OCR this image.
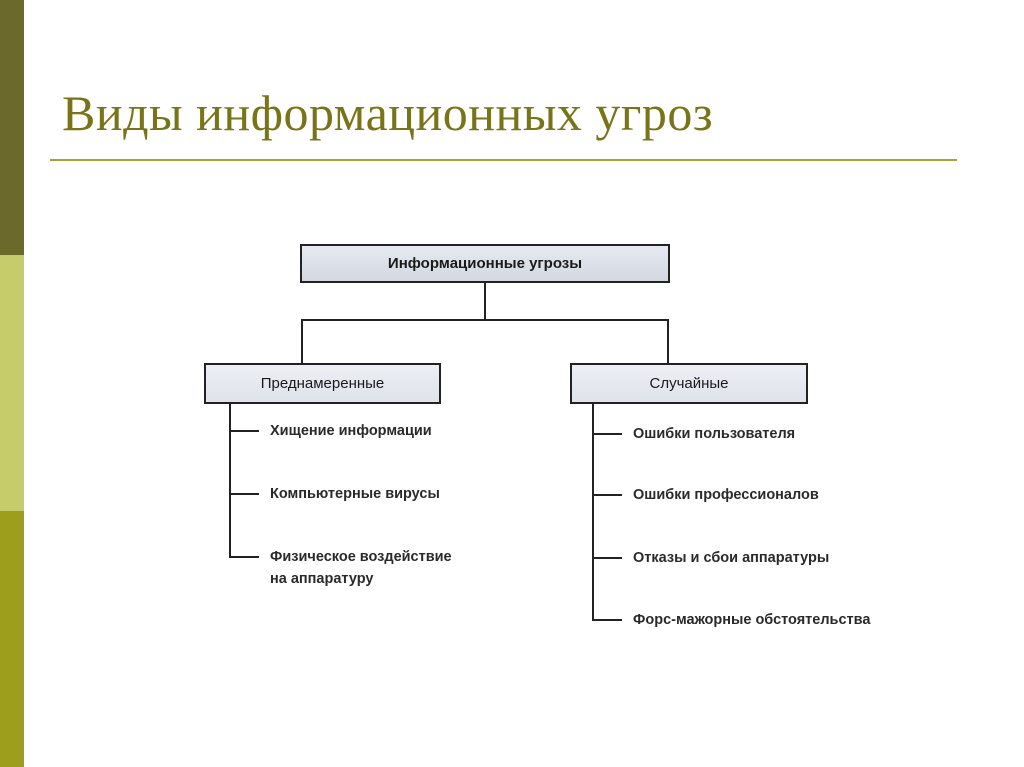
Виды информационных угроз
Информационные угрозы
Преднамеренные	Случайные
Хищение информации
Компьютерные вирусы
Физическое воздействие
на аппаратуру
Ошибки пользователя
Ошибки профессионалов
Отказы и сбои аппаратуры
Форс-мажорные обстоятельства
